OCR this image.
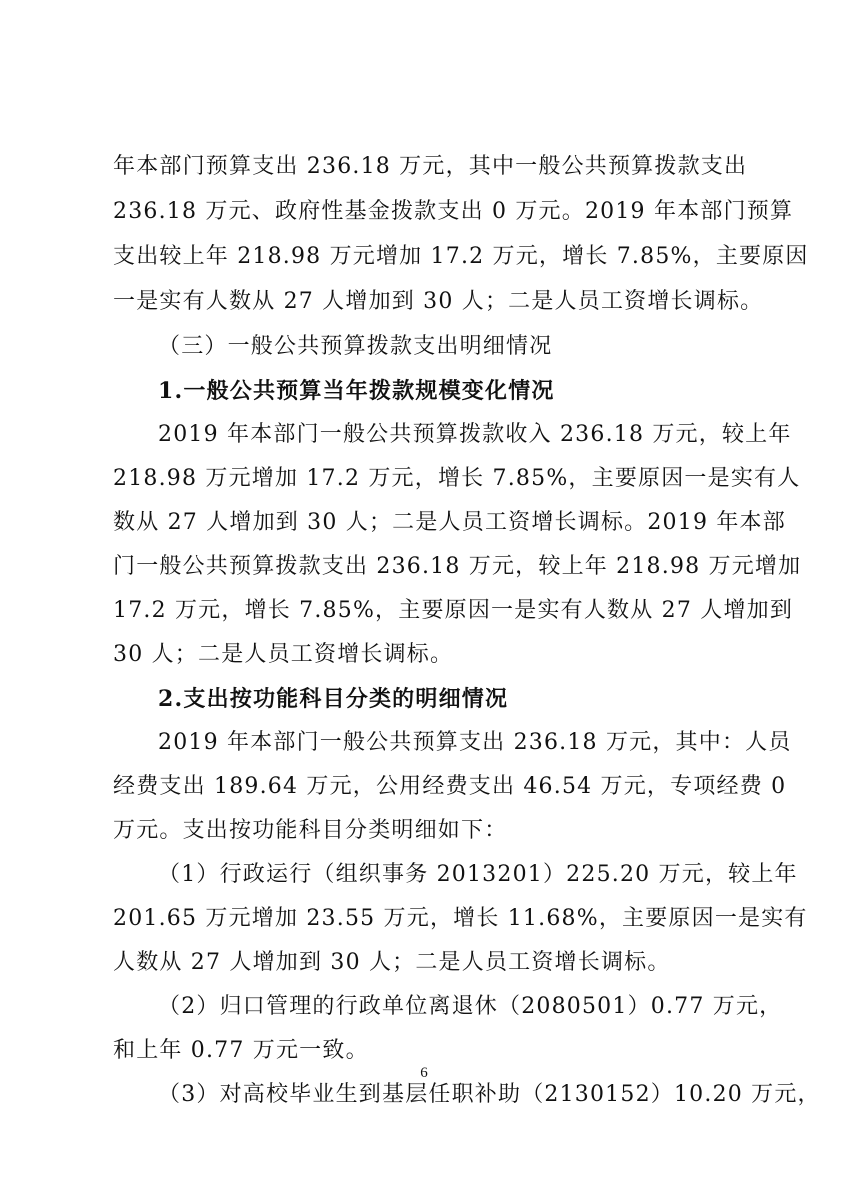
年本部门预算支出 236.18 万元，其中一般公共预算拨款支出
236.18 万元、政府性基金拨款支出 0 万元。2019 年本部门预算
支出较上年 218.98 万元增加 17.2 万元，增长 7.85%，主要原因
一是实有人数从 27 人增加到 30 人；二是人员工资增长调标。
（三）一般公共预算拨款支出明细情况
1.一般公共预算当年拨款规模变化情况
2019 年本部门一般公共预算拨款收入 236.18 万元，较上年
218.98 万元增加 17.2 万元，增长 7.85%，主要原因一是实有人
数从 27 人增加到 30 人；二是人员工资增长调标。2019 年本部
门一般公共预算拨款支出 236.18 万元，较上年 218.98 万元增加
17.2 万元，增长 7.85%，主要原因一是实有人数从 27 人增加到
30 人；二是人员工资增长调标。
2.支出按功能科目分类的明细情况
2019 年本部门一般公共预算支出 236.18 万元，其中：人员
经费支出 189.64 万元，公用经费支出 46.54 万元，专项经费 0
万元。支出按功能科目分类明细如下：
（1）行政运行（组织事务 2013201）225.20 万元，较上年
201.65 万元增加 23.55 万元，增长 11.68%，主要原因一是实有
人数从 27 人增加到 30 人；二是人员工资增长调标。
（2）归口管理的行政单位离退休（2080501）0.77 万元，
和上年 0.77 万元一致。
（3）对高校毕业生到基层任职补助（2130152）10.20 万元，
6
